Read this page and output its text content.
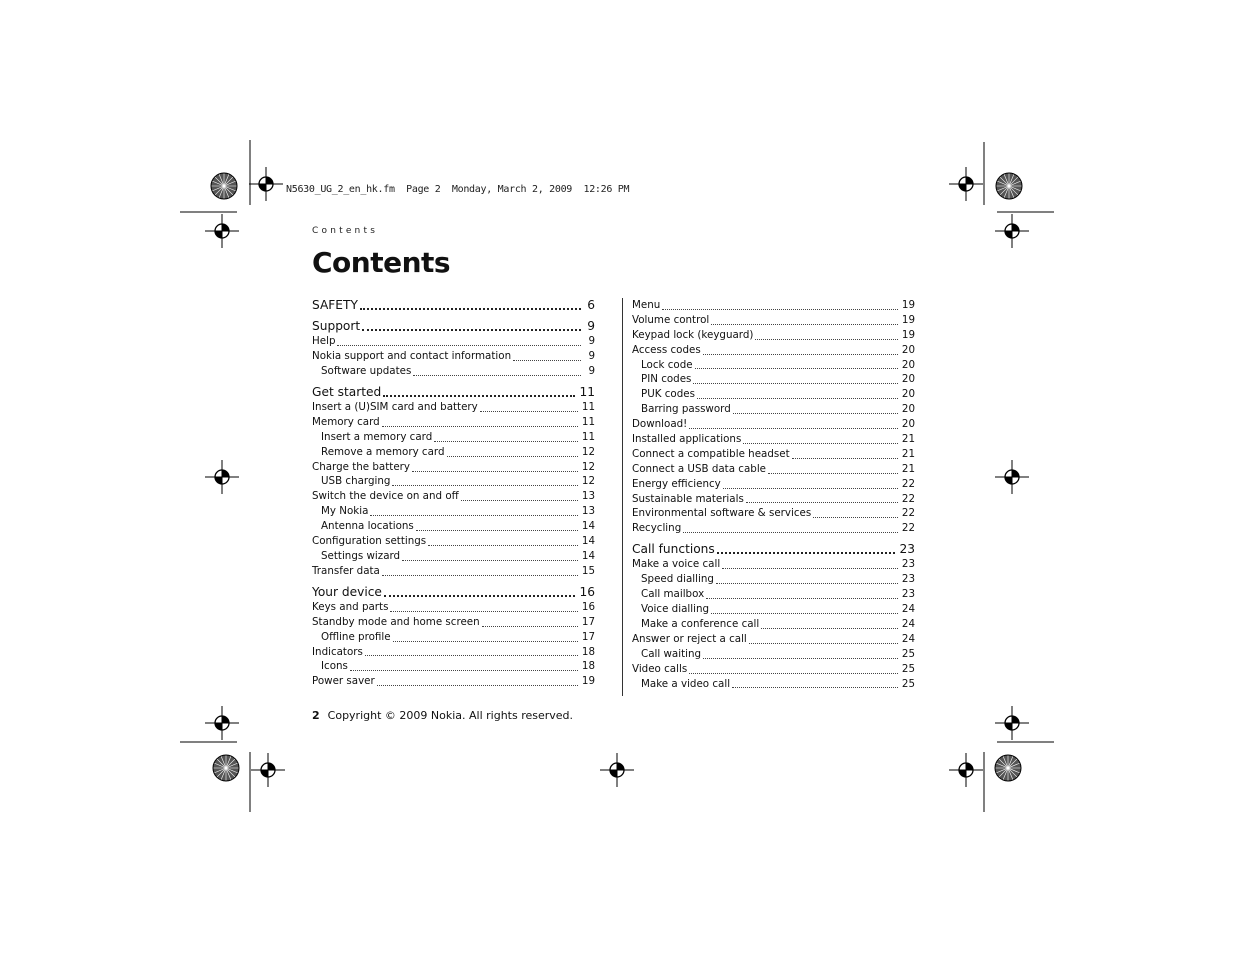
N5630_UG_2_en_hk.fm  Page 2  Monday, March 2, 2009  12:26 PM
Contents
Contents
SAFETY	6
Support	9
Help	9
Nokia support and contact information	9
Software updates	9
Get started	11
Insert a (U)SIM card and battery	11
Memory card	11
Insert a memory card	11
Remove a memory card	12
Charge the battery	12
USB charging	12
Switch the device on and off	13
My Nokia	13
Antenna locations	14
Configuration settings	14
Settings wizard	14
Transfer data	15
Your device	16
Keys and parts	16
Standby mode and home screen	17
Offline profile	17
Indicators	18
Icons	18
Power saver	19
Menu	19
Volume control	19
Keypad lock (keyguard)	19
Access codes	20
Lock code	20
PIN codes	20
PUK codes	20
Barring password	20
Download!	20
Installed applications	21
Connect a compatible headset	21
Connect a USB data cable	21
Energy efficiency	22
Sustainable materials	22
Environmental software & services	22
Recycling	22
Call functions	23
Make a voice call	23
Speed dialling	23
Call mailbox	23
Voice dialling	24
Make a conference call	24
Answer or reject a call	24
Call waiting	25
Video calls	25
Make a video call	25
2 Copyright © 2009 Nokia. All rights reserved.
